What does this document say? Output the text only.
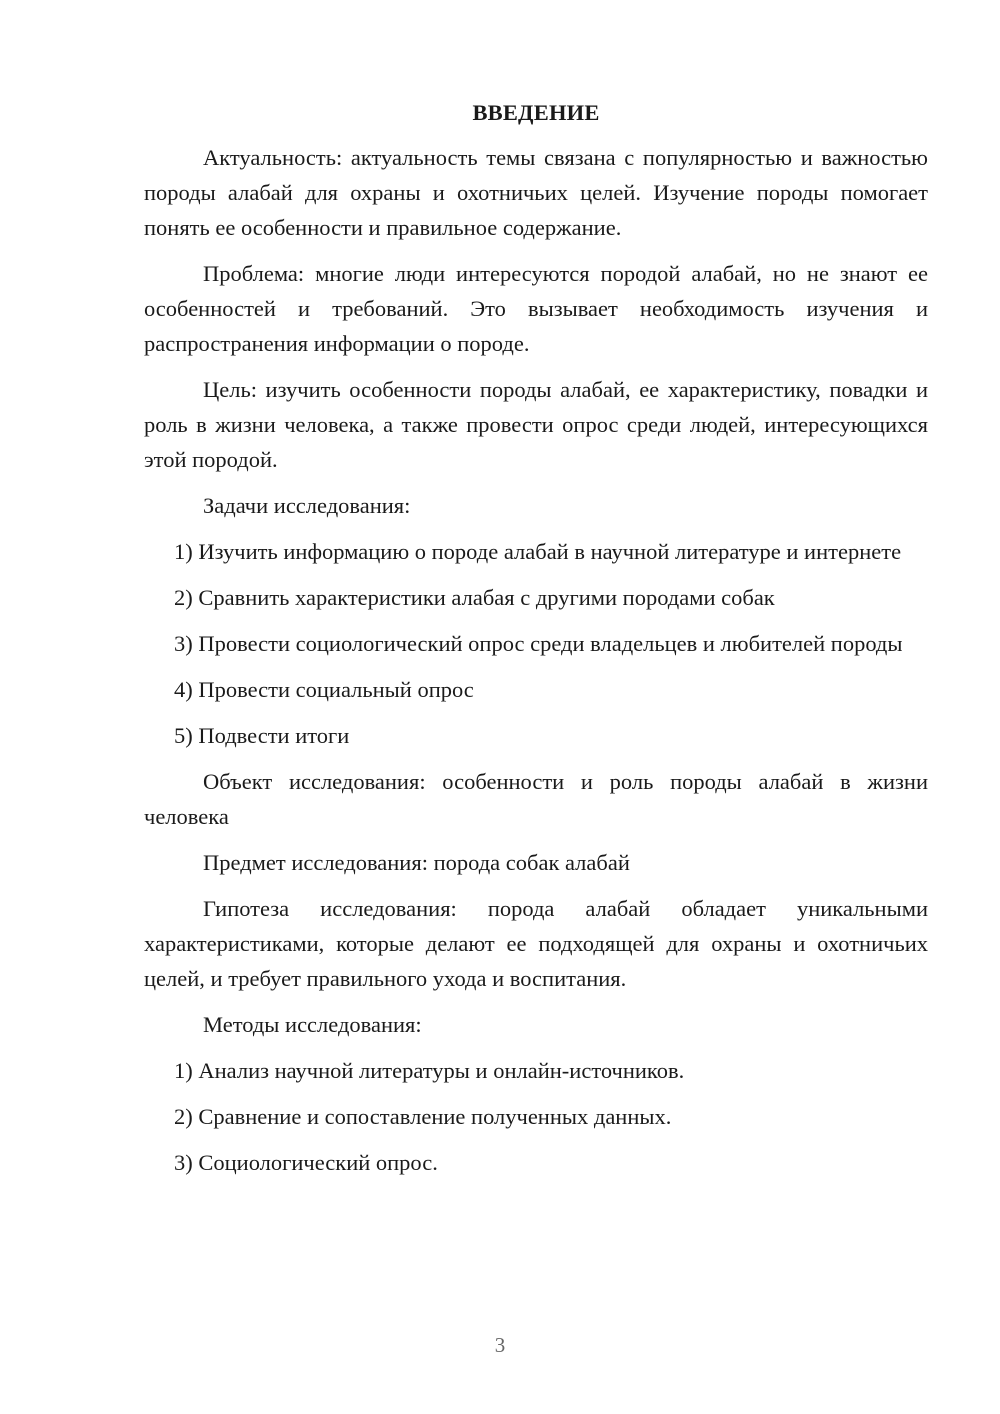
ВВЕДЕНИЕ

Актуальность: актуальность темы связана с популярностью и важностью породы алабай для охраны и охотничьих целей. Изучение породы помогает понять ее особенности и правильное содержание.

Проблема: многие люди интересуются породой алабай, но не знают ее особенностей и требований. Это вызывает необходимость изучения и распространения информации о породе.

Цель: изучить особенности породы алабай, ее характеристику, повадки и роль в жизни человека, а также провести опрос среди людей, интересующихся этой породой.

Задачи исследования:

1) Изучить информацию о породе алабай в научной литературе и интернете

2) Сравнить характеристики алабая с другими породами собак

3) Провести социологический опрос среди владельцев и любителей породы

4) Провести социальный опрос

5) Подвести итоги

Объект исследования: особенности и роль породы алабай в жизни человека

Предмет исследования: порода собак алабай

Гипотеза исследования: порода алабай обладает уникальными характеристиками, которые делают ее подходящей для охраны и охотничьих целей, и требует правильного ухода и воспитания.

Методы исследования:

1) Анализ научной литературы и онлайн-источников.

2) Сравнение и сопоставление полученных данных.

3) Социологический опрос.

3
